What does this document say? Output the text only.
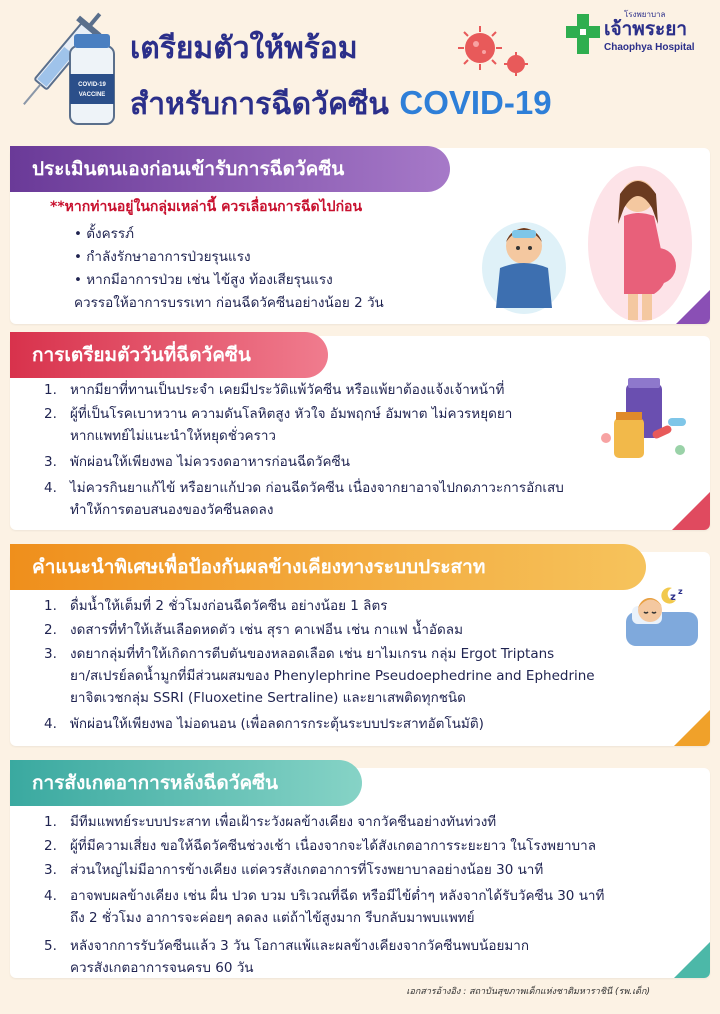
COVID-19
VACCINE
เตรียมตัวให้พร้อม
สำหรับการฉีดวัคซีน COVID-19
โรงพยาบาล
เจ้าพระยา
Chaophya Hospital
**หากท่านอยู่ในกลุ่มเหล่านี้ ควรเลื่อนการฉีดไปก่อน
• ตั้งครรภ์
• กำลังรักษาอาการป่วยรุนแรง
• หากมีอาการป่วย เช่น ไข้สูง ท้องเสียรุนแรง
ควรรอให้อาการบรรเทา ก่อนฉีดวัคซีนอย่างน้อย 2 วัน
ประเมินตนเองก่อนเข้ารับการฉีดวัคซีน
1. หากมียาที่ทานเป็นประจำ เคยมีประวัติแพ้วัคซีน หรือแพ้ยาต้องแจ้งเจ้าหน้าที่
2. ผู้ที่เป็นโรคเบาหวาน ความดันโลหิตสูง หัวใจ อัมพฤกษ์ อัมพาต ไม่ควรหยุดยา
หากแพทย์ไม่แนะนำให้หยุดชั่วคราว
3. พักผ่อนให้เพียงพอ ไม่ควรงดอาหารก่อนฉีดวัคซีน
4. ไม่ควรกินยาแก้ไข้ หรือยาแก้ปวด ก่อนฉีดวัคซีน เนื่องจากยาอาจไปกดภาวะการอักเสบ
ทำให้การตอบสนองของวัคซีนลดลง
การเตรียมตัววันที่ฉีดวัคซีน
1. ดื่มน้ำให้เต็มที่ 2 ชั่วโมงก่อนฉีดวัคซีน อย่างน้อย 1 ลิตร
2. งดสารที่ทำให้เส้นเลือดหดตัว เช่น สุรา คาเฟอีน เช่น กาแฟ น้ำอัดลม
3. งดยากลุ่มที่ทำให้เกิดการตีบตันของหลอดเลือด เช่น ยาไมเกรน กลุ่ม Ergot Triptans
ยา/สเปรย์ลดน้ำมูกที่มีส่วนผสมของ Phenylephrine Pseudoephedrine and Ephedrine
ยาจิตเวชกลุ่ม SSRI (Fluoxetine Sertraline) และยาเสพติดทุกชนิด
4. พักผ่อนให้เพียงพอ ไม่อดนอน (เพื่อลดการกระตุ้นระบบประสาทอัตโนมัติ)
z
z
คำแนะนำพิเศษเพื่อป้องกันผลข้างเคียงทางระบบประสาท
1. มีทีมแพทย์ระบบประสาท เพื่อเฝ้าระวังผลข้างเคียง จากวัคซีนอย่างทันท่วงที
2. ผู้ที่มีความเสี่ยง ขอให้ฉีดวัคซีนช่วงเช้า เนื่องจากจะได้สังเกตอาการระยะยาว ในโรงพยาบาล
3. ส่วนใหญ่ไม่มีอาการข้างเคียง แต่ควรสังเกตอาการที่โรงพยาบาลอย่างน้อย 30 นาที
4. อาจพบผลข้างเคียง เช่น ผื่น ปวด บวม บริเวณที่ฉีด หรือมีไข้ต่ำๆ หลังจากได้รับวัคซีน 30 นาที
ถึง 2 ชั่วโมง อาการจะค่อยๆ ลดลง แต่ถ้าไข้สูงมาก รีบกลับมาพบแพทย์
5. หลังจากการรับวัคซีนแล้ว 3 วัน โอกาสแพ้และผลข้างเคียงจากวัคซีนพบน้อยมาก
ควรสังเกตอาการจนครบ 60 วัน
การสังเกตอาการหลังฉีดวัคซีน
เอกสารอ้างอิง : สถาบันสุขภาพเด็กแห่งชาติมหาราชินี (รพ.เด็ก)
